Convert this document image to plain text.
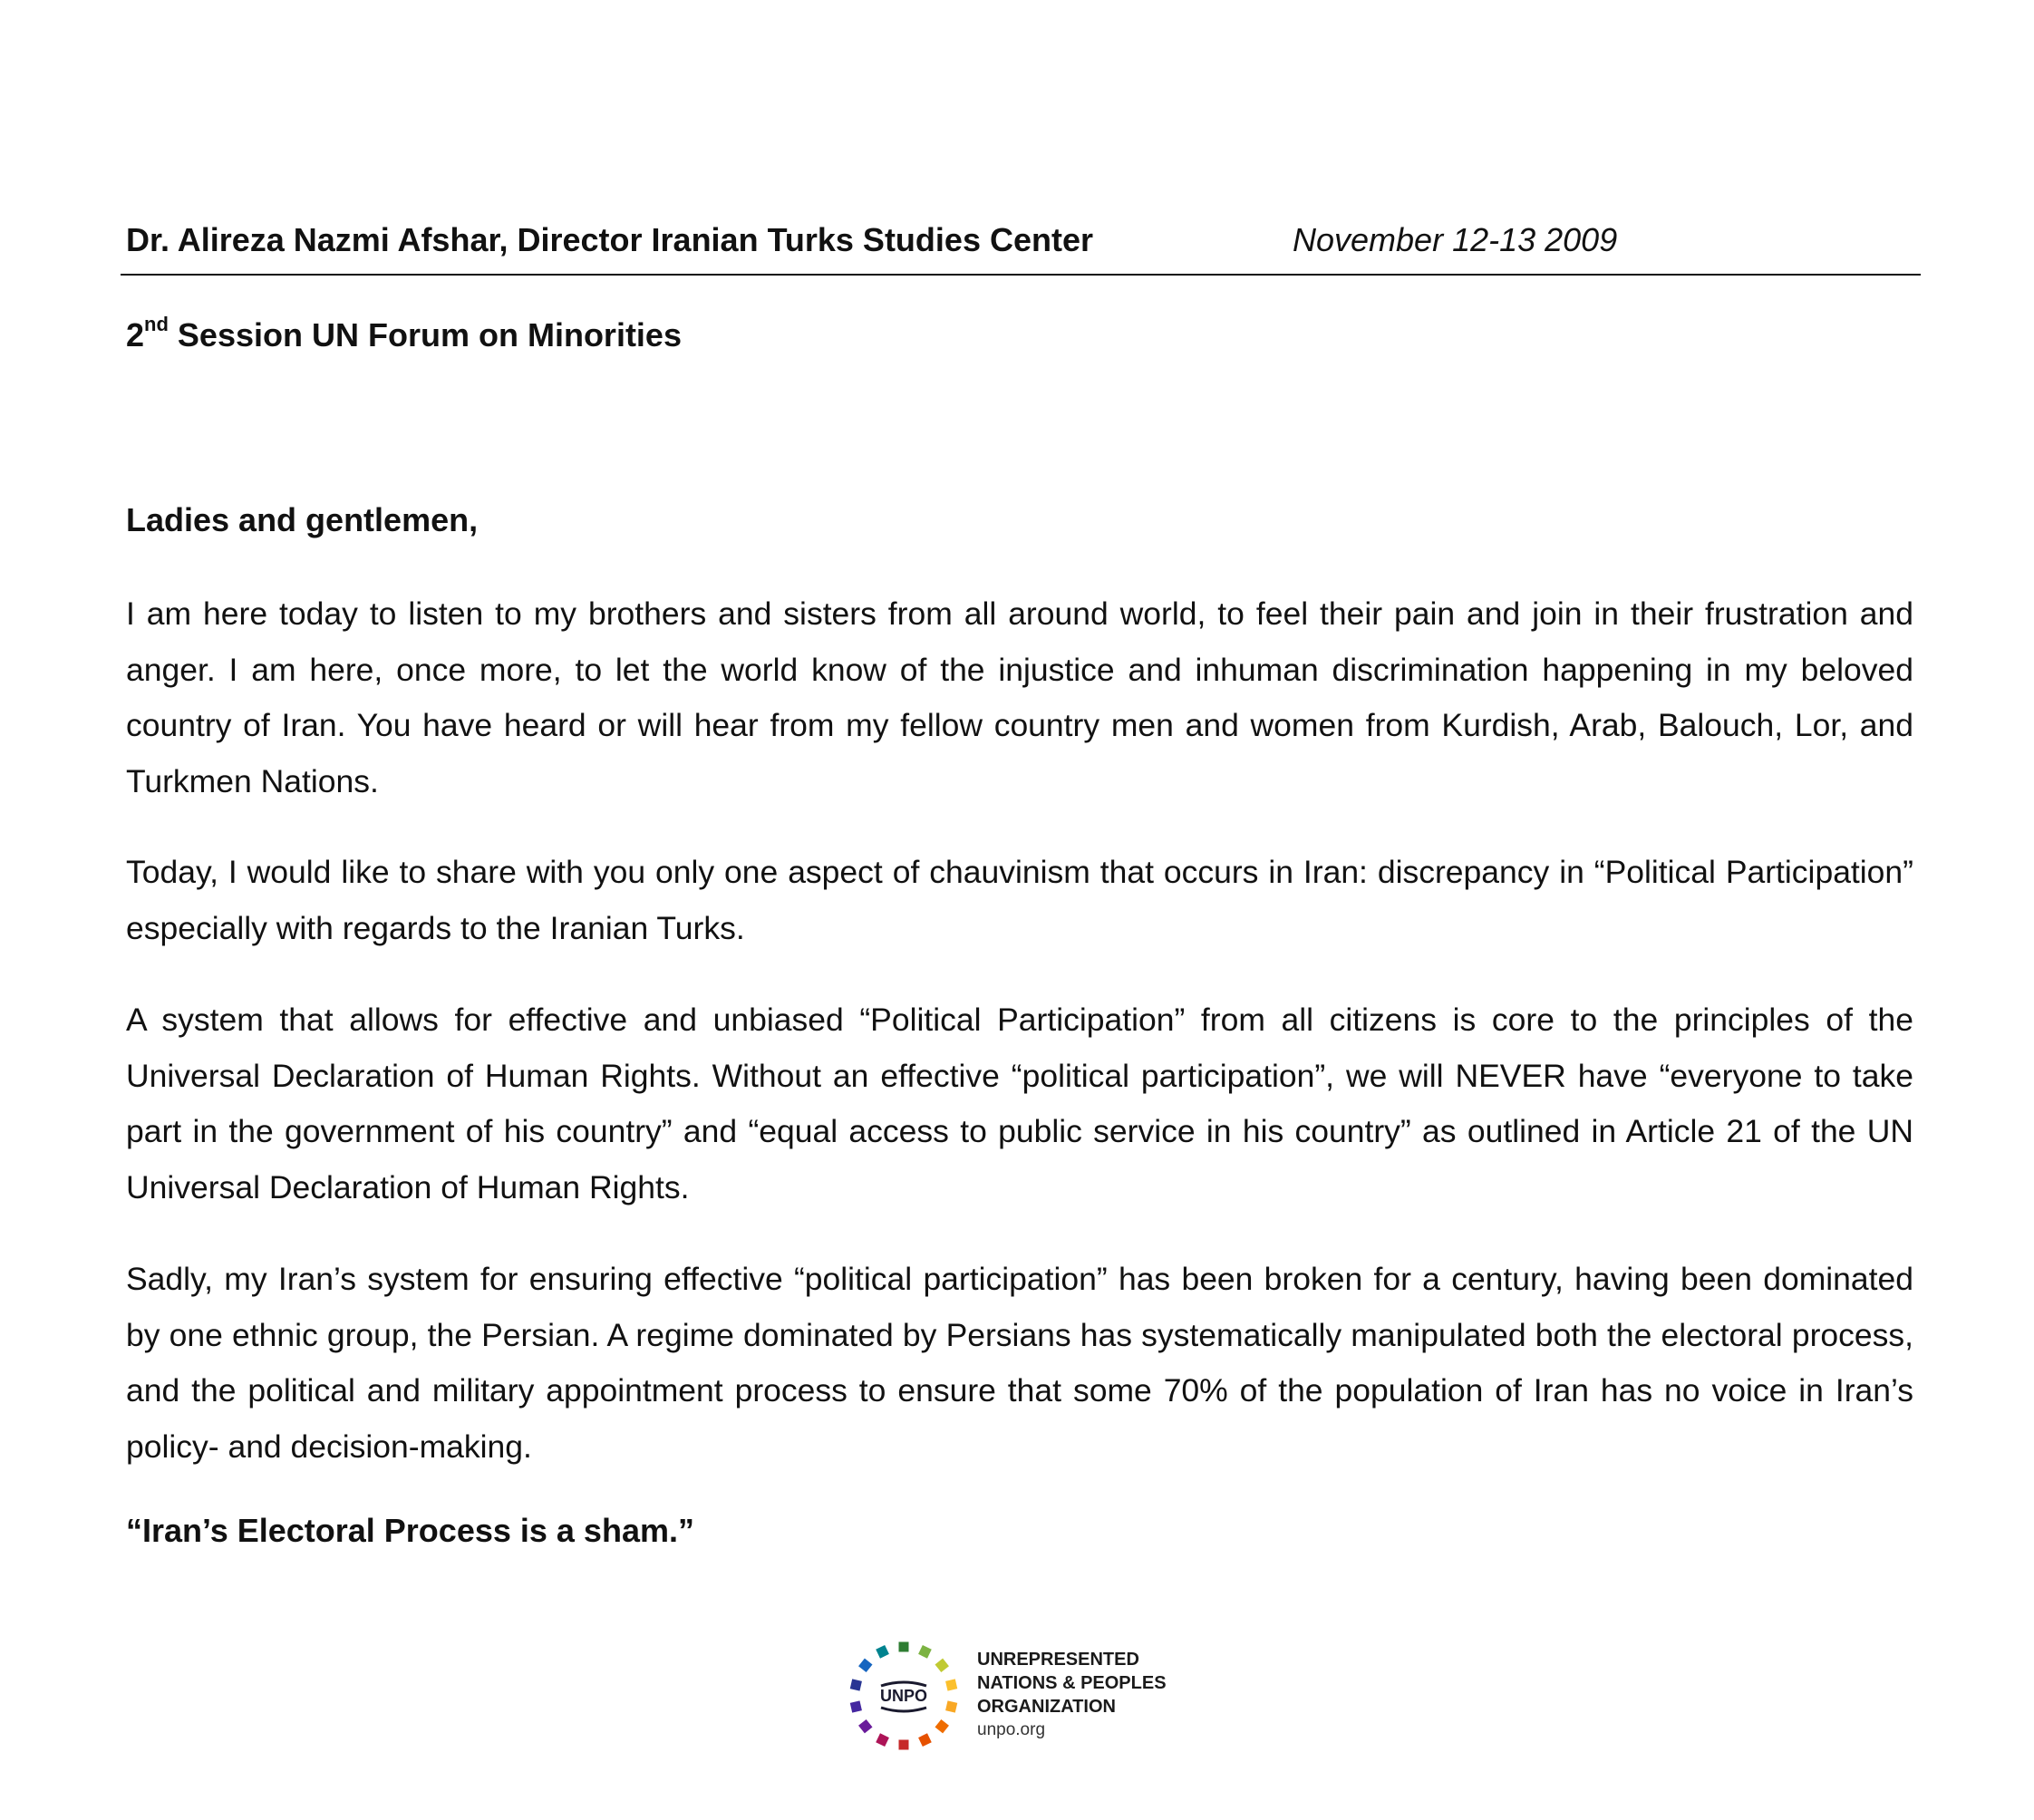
Dr. Alireza Nazmi Afshar, Director Iranian Turks Studies Center	November 12-13 2009
2nd Session UN Forum on Minorities
Ladies and gentlemen,

I am here today to listen to my brothers and sisters from all around world, to feel their pain and join in their frustration and anger. I am here, once more, to let the world know of the injustice and inhuman discrimination happening in my beloved country of Iran. You have heard or will hear from my fellow country men and women from Kurdish, Arab, Balouch, Lor, and Turkmen Nations.

Today, I would like to share with you only one aspect of chauvinism that occurs in Iran: discrepancy in “Political Participation” especially with regards to the Iranian Turks.

A system that allows for effective and unbiased “Political Participation” from all citizens is core to the principles of the Universal Declaration of Human Rights. Without an effective “political participation”, we will NEVER have “everyone to take part in the government of his country” and “equal access to public service in his country” as outlined in Article 21 of the UN Universal Declaration of Human Rights.

Sadly, my Iran’s system for ensuring effective “political participation” has been broken for a century, having been dominated by one ethnic group, the Persian. A regime dominated by Persians has systematically manipulated both the electoral process, and the political and military appointment process to ensure that some 70% of the population of Iran has no voice in Iran’s policy- and decision-making.

“Iran’s Electoral Process is a sham.”
UNPO
UNREPRESENTED
NATIONS & PEOPLES
ORGANIZATION
unpo.org
